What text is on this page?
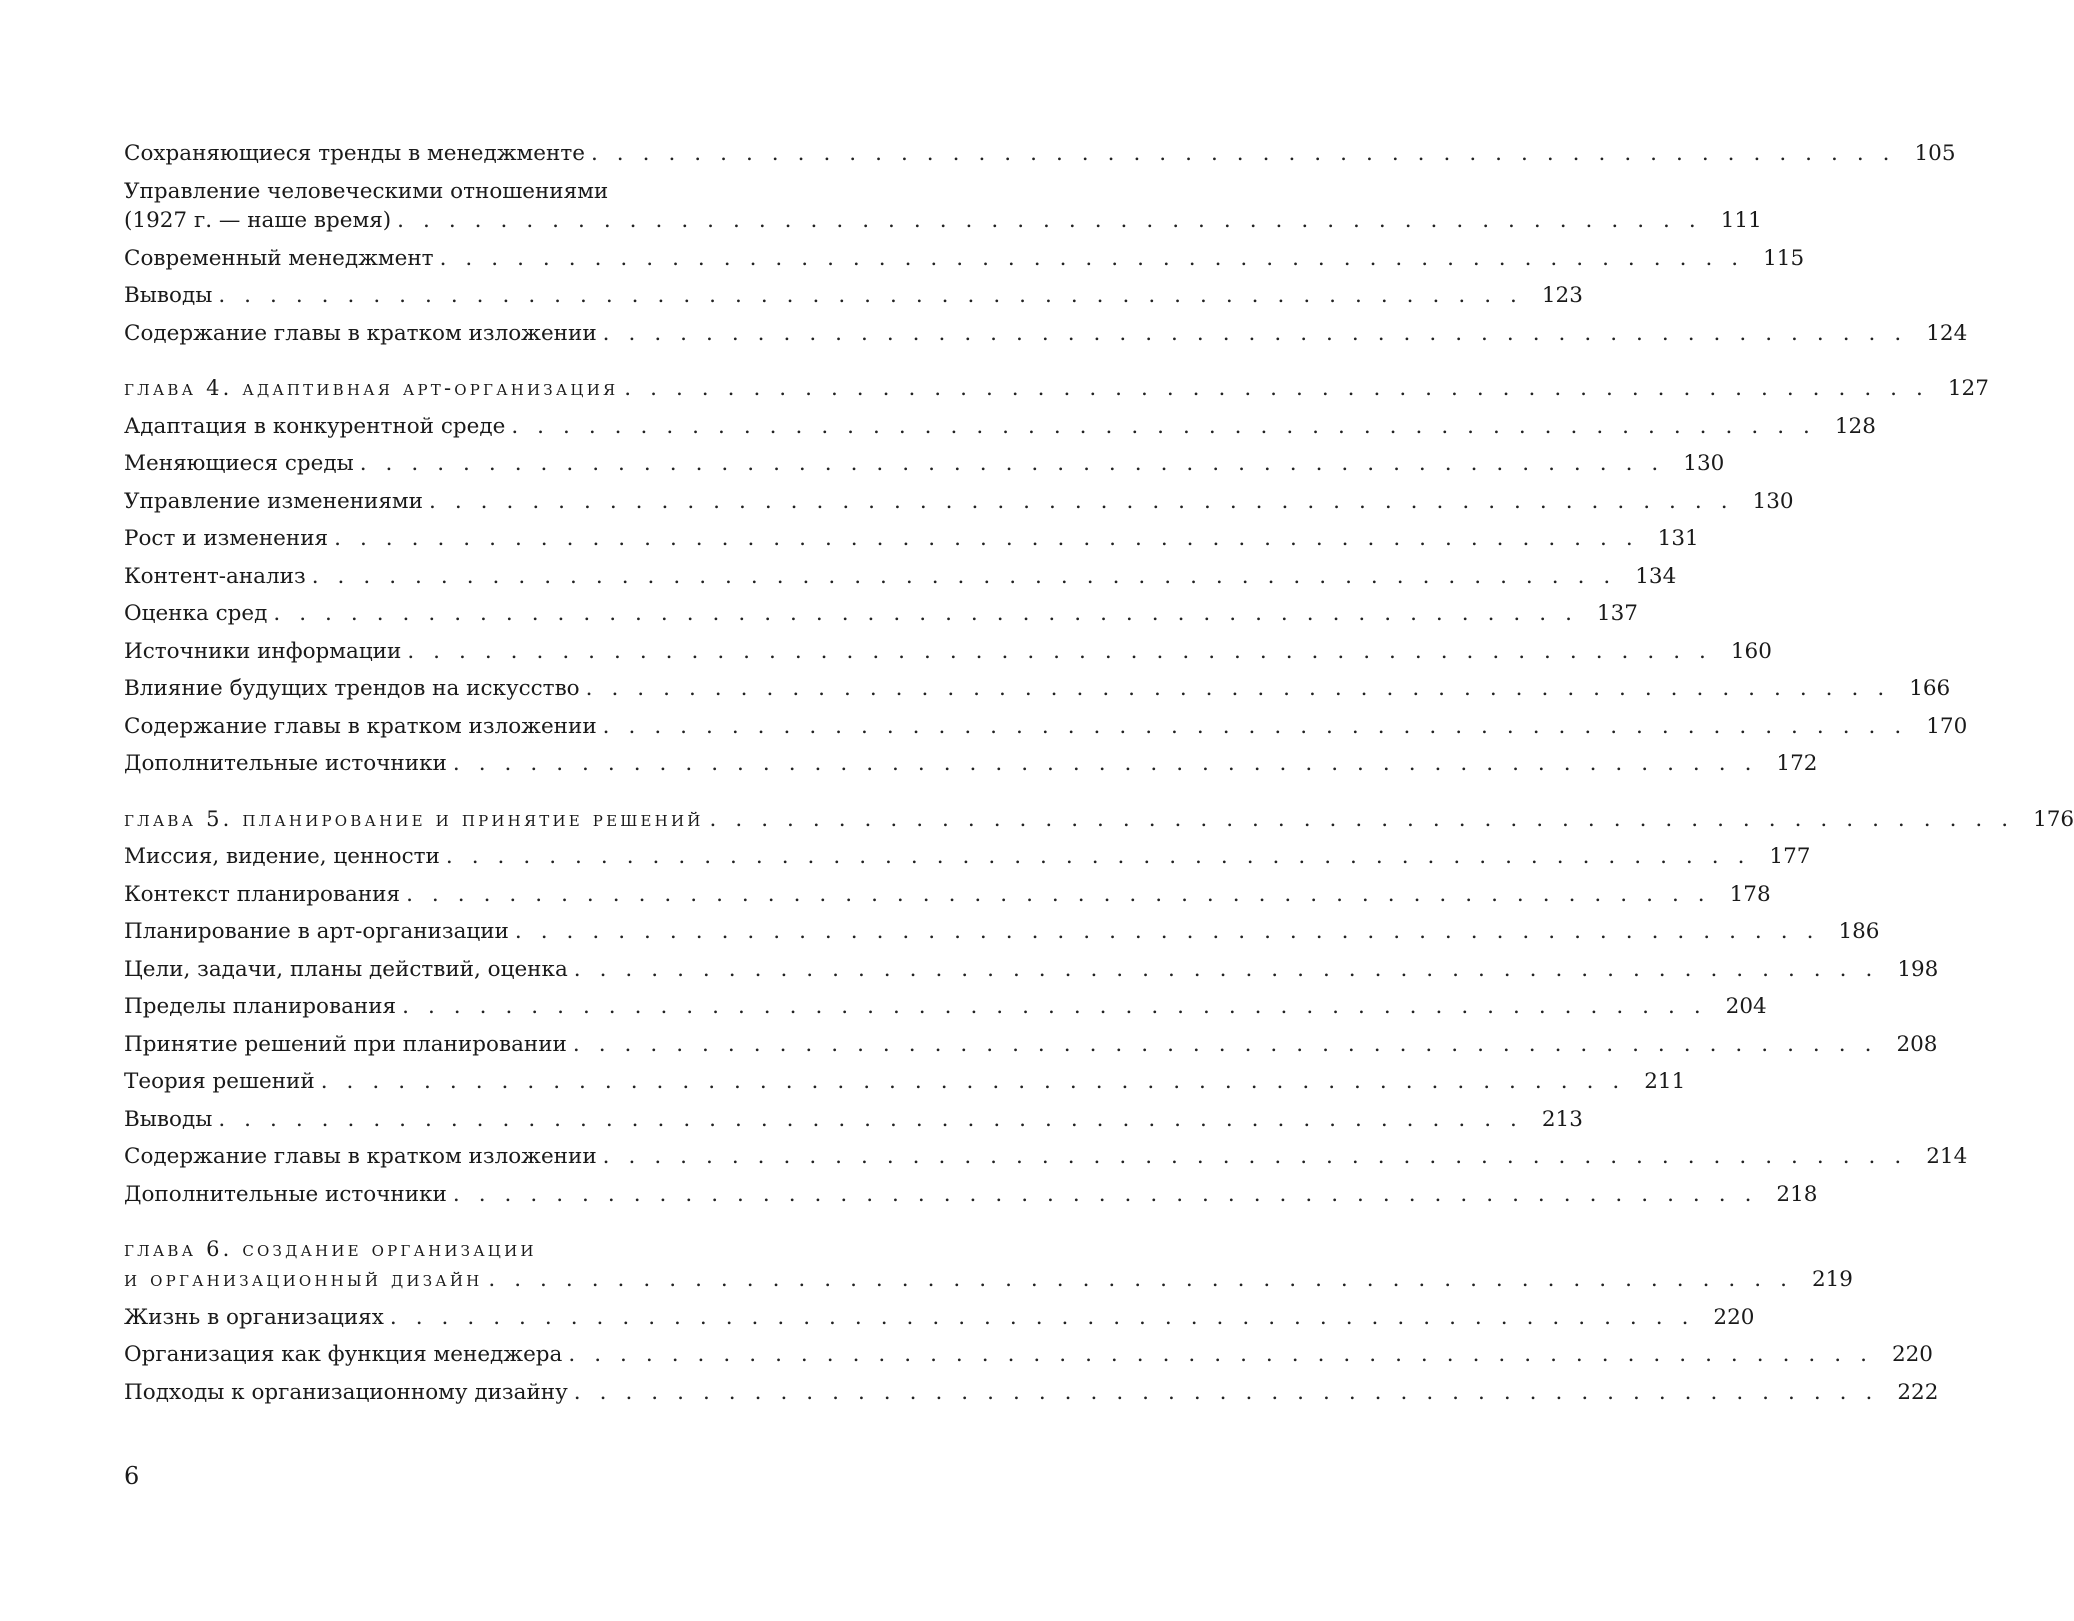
Сохраняющиеся тренды в менеджменте ................................................... 105
Управление человеческими отношениями
(1927 г. — наше время) ................................................... 111
Современный менеджмент ................................................... 115
Выводы ................................................... 123
Содержание главы в кратком изложении ................................................... 124
глава 4. адаптивная арт-организация ................................................... 127
Адаптация в конкурентной среде ................................................... 128
Меняющиеся среды ................................................... 130
Управление изменениями ................................................... 130
Рост и изменения ................................................... 131
Контент-анализ ................................................... 134
Оценка сред ................................................... 137
Источники информации ................................................... 160
Влияние будущих трендов на искусство ................................................... 166
Содержание главы в кратком изложении ................................................... 170
Дополнительные источники ................................................... 172
глава 5. планирование и принятие решений ................................................... 176
Миссия, видение, ценности ................................................... 177
Контекст планирования ................................................... 178
Планирование в арт-организации ................................................... 186
Цели, задачи, планы действий, оценка ................................................... 198
Пределы планирования ................................................... 204
Принятие решений при планировании ................................................... 208
Теория решений ................................................... 211
Выводы ................................................... 213
Содержание главы в кратком изложении ................................................... 214
Дополнительные источники ................................................... 218
глава 6. создание организации
и организационный дизайн ................................................... 219
Жизнь в организациях ................................................... 220
Организация как функция менеджера ................................................... 220
Подходы к организационному дизайну ................................................... 222
6
